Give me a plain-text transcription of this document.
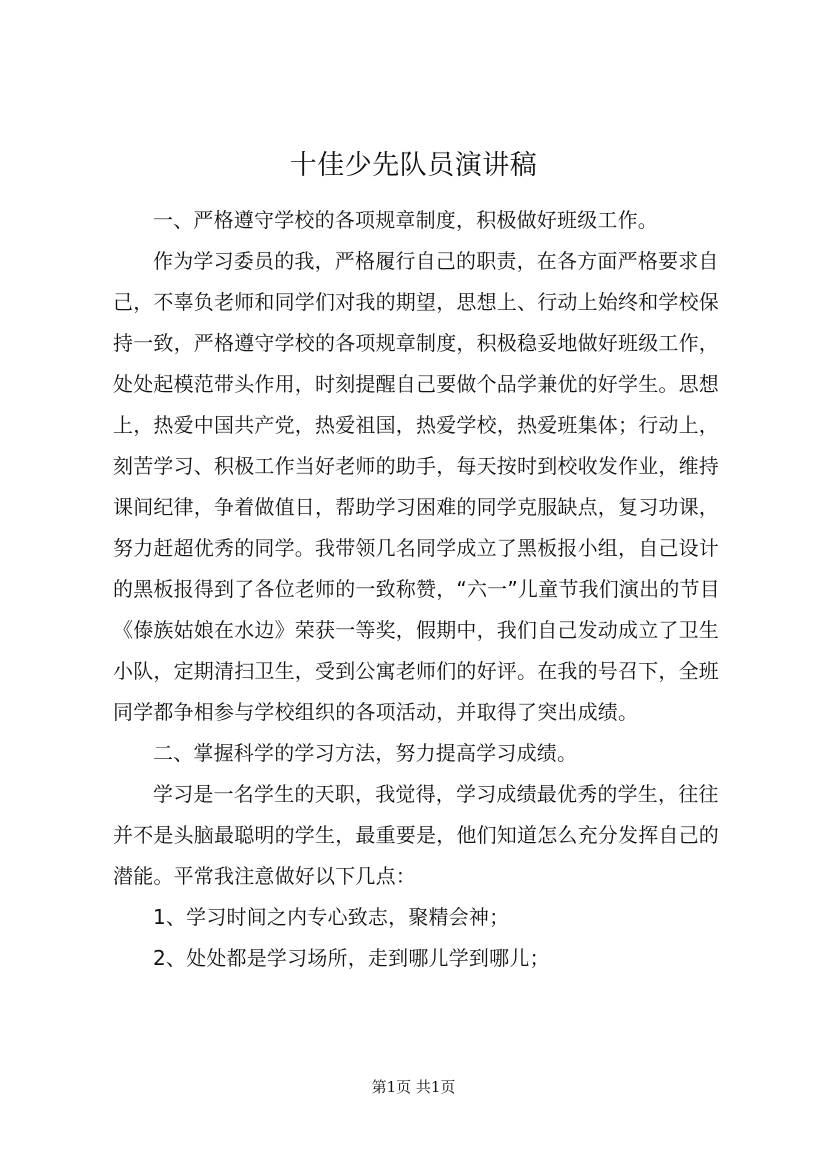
十佳少先队员演讲稿

一、严格遵守学校的各项规章制度，积极做好班级工作。

作为学习委员的我，严格履行自己的职责，在各方面严格要求自己，不辜负老师和同学们对我的期望，思想上、行动上始终和学校保持一致，严格遵守学校的各项规章制度，积极稳妥地做好班级工作，处处起模范带头作用，时刻提醒自己要做个品学兼优的好学生。思想上，热爱中国共产党，热爱祖国，热爱学校，热爱班集体；行动上，刻苦学习、积极工作当好老师的助手，每天按时到校收发作业，维持课间纪律，争着做值日，帮助学习困难的同学克服缺点，复习功课，努力赶超优秀的同学。我带领几名同学成立了黑板报小组，自己设计的黑板报得到了各位老师的一致称赞，“六一”儿童节我们演出的节目《傣族姑娘在水边》荣获一等奖，假期中，我们自己发动成立了卫生小队，定期清扫卫生，受到公寓老师们的好评。在我的号召下，全班同学都争相参与学校组织的各项活动，并取得了突出成绩。

二、掌握科学的学习方法，努力提高学习成绩。

学习是一名学生的天职，我觉得，学习成绩最优秀的学生，往往并不是头脑最聪明的学生，最重要是，他们知道怎么充分发挥自己的潜能。平常我注意做好以下几点：

1、学习时间之内专心致志，聚精会神；

2、处处都是学习场所，走到哪儿学到哪儿；

第1页 共1页
